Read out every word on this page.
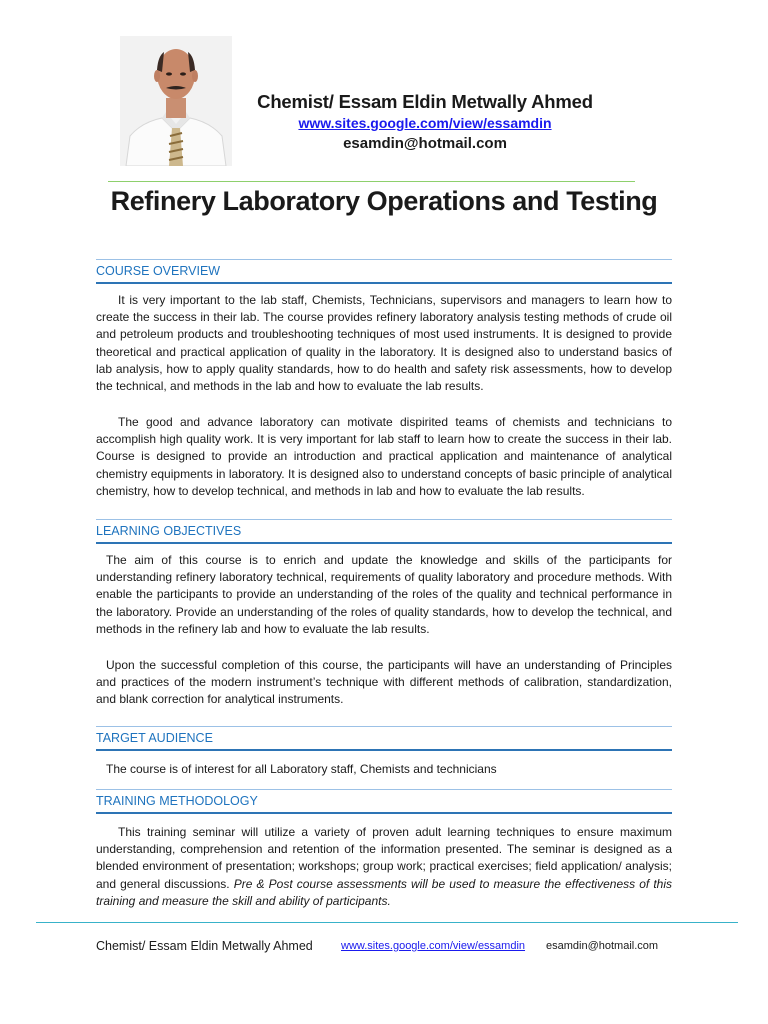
Chemist/ Essam Eldin Metwally Ahmed
www.sites.google.com/view/essamdin
esamdin@hotmail.com
Refinery Laboratory Operations and Testing
COURSE OVERVIEW
It is very important to the lab staff, Chemists, Technicians, supervisors and managers to learn how to create the success in their lab. The course provides refinery laboratory analysis testing methods of crude oil and petroleum products and troubleshooting techniques of most used instruments. It is designed to provide theoretical and practical application of quality in the laboratory. It is designed also to understand basics of lab analysis, how to apply quality standards, how to do health and safety risk assessments, how to develop the technical, and methods in the lab and how to evaluate the lab results.
The good and advance laboratory can motivate dispirited teams of chemists and technicians to accomplish high quality work. It is very important for lab staff to learn how to create the success in their lab. Course is designed to provide an introduction and practical application and maintenance of analytical chemistry equipments in laboratory. It is designed also to understand concepts of basic principle of analytical chemistry, how to develop technical, and methods in lab and how to evaluate the lab results.
LEARNING OBJECTIVES
The aim of this course is to enrich and update the knowledge and skills of the participants for understanding refinery laboratory technical, requirements of quality laboratory and procedure methods. With enable the participants to provide an understanding of the roles of the quality and technical performance in the laboratory. Provide an understanding of the roles of quality standards, how to develop the technical, and methods in the refinery lab and how to evaluate the lab results.
Upon the successful completion of this course, the participants will have an understanding of Principles and practices of the modern instrument’s technique with different methods of calibration, standardization, and blank correction for analytical instruments.
TARGET AUDIENCE
The course is of interest for all Laboratory staff, Chemists and technicians
TRAINING METHODOLOGY
This training seminar will utilize a variety of proven adult learning techniques to ensure maximum understanding, comprehension and retention of the information presented. The seminar is designed as a blended environment of presentation; workshops; group work; practical exercises; field application/ analysis; and general discussions. Pre & Post course assessments will be used to measure the effectiveness of this training and measure the skill and ability of participants.
Chemist/ Essam Eldin Metwally Ahmed	www.sites.google.com/view/essamdin esamdin@hotmail.com
